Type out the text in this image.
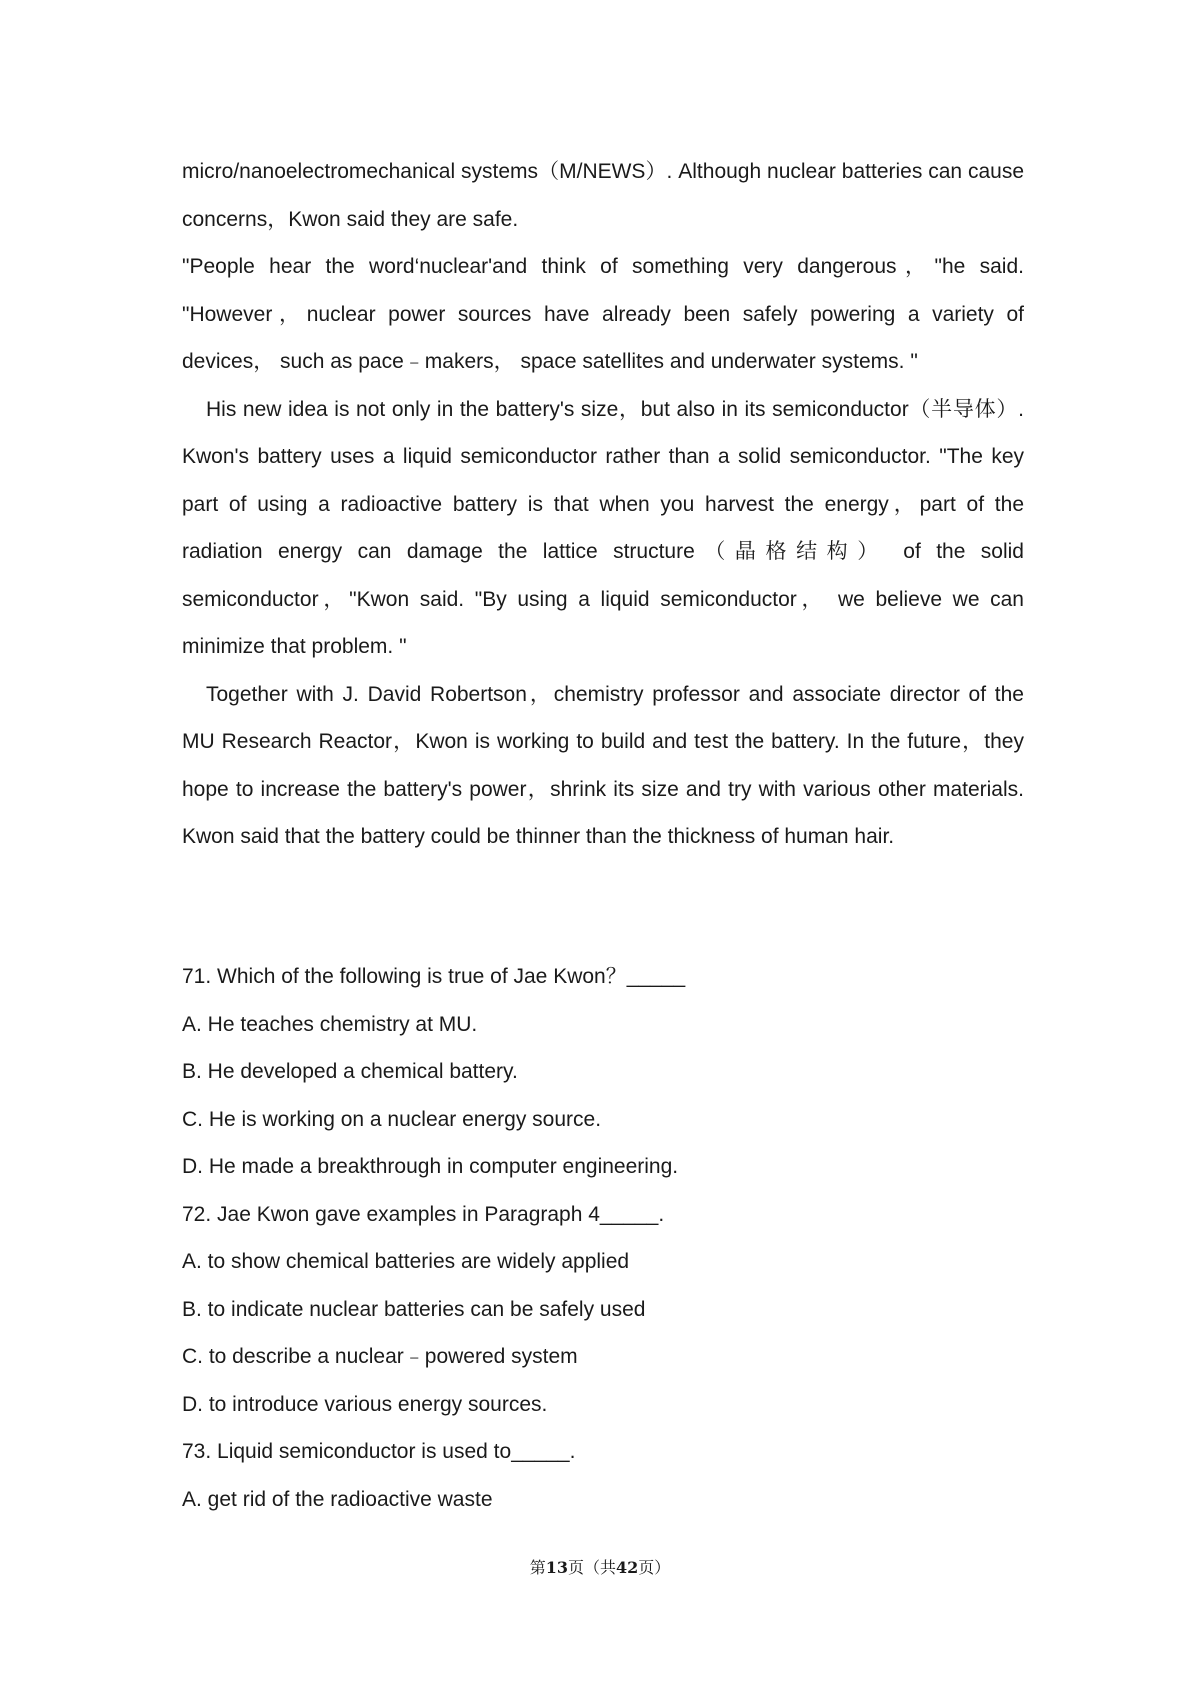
micro/nanoelectromechanical systems（M/NEWS）. Although nuclear batteries can cause concerns，Kwon said they are safe.

"People hear the word‘nuclear'and think of something very dangerous，"he said. "However，nuclear power sources have already been safely powering a variety of devices， such as pace﹣makers， space satellites and underwater systems. "

His new idea is not only in the battery's size，but also in its semiconductor（半导体）. Kwon's battery uses a liquid semiconductor rather than a solid semiconductor. "The key part of using a radioactive battery is that when you harvest the energy，part of the radiation energy can damage the lattice structure（晶格结构） of the solid semiconductor，"Kwon said. "By using a liquid semiconductor， we believe we can minimize that problem. "

Together with J. David Robertson，chemistry professor and associate director of the MU Research Reactor，Kwon is working to build and test the battery. In the future，they hope to increase the battery's power，shrink its size and try with various other materials. Kwon said that the battery could be thinner than the thickness of human hair.

71. Which of the following is true of Jae Kwon？_____

A. He teaches chemistry at MU.

B. He developed a chemical battery.

C. He is working on a nuclear energy source.

D. He made a breakthrough in computer engineering.

72. Jae Kwon gave examples in Paragraph 4_____.

A. to show chemical batteries are widely applied

B. to indicate nuclear batteries can be safely used

C. to describe a nuclear﹣powered system

D. to introduce various energy sources.

73. Liquid semiconductor is used to_____.

A. get rid of the radioactive waste

第13页（共42页）
